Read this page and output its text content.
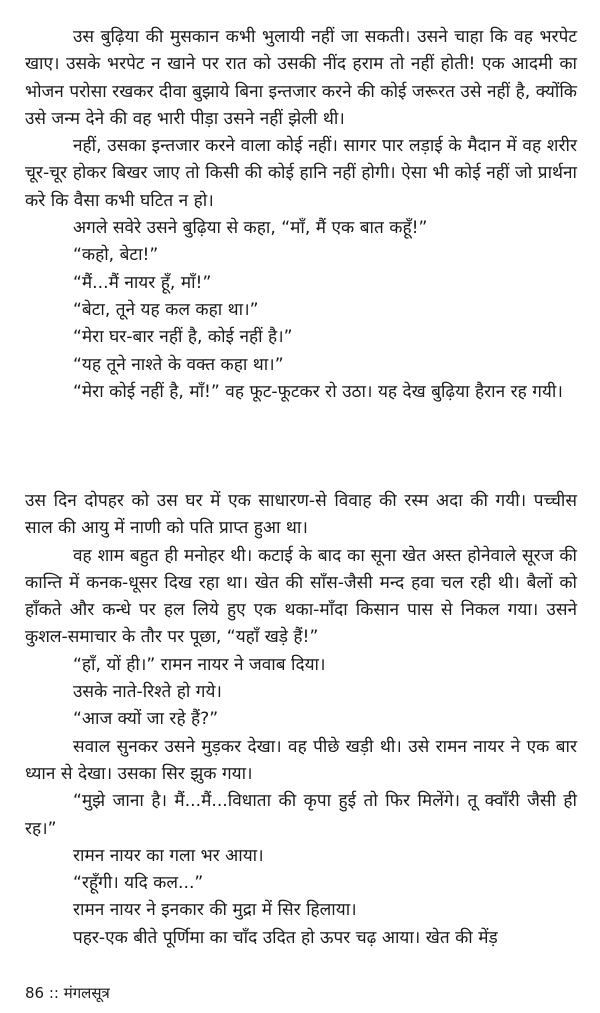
उस बुढ़िया की मुसकान कभी भुलायी नहीं जा सकती। उसने चाहा कि वह भरपेट खाए। उसके भरपेट न खाने पर रात को उसकी नींद हराम तो नहीं होती! एक आदमी का भोजन परोसा रखकर दीवा बुझाये बिना इन्तजार करने की कोई जरूरत उसे नहीं है, क्योंकि उसे जन्म देने की वह भारी पीड़ा उसने नहीं झेली थी।

नहीं, उसका इन्तजार करने वाला कोई नहीं। सागर पार लड़ाई के मैदान में वह शरीर चूर-चूर होकर बिखर जाए तो किसी की कोई हानि नहीं होगी। ऐसा भी कोई नहीं जो प्रार्थना करे कि वैसा कभी घटित न हो।

अगले सवेरे उसने बुढ़िया से कहा, “माँ, मैं एक बात कहूँ!”

“कहो, बेटा!”

“मैं...मैं नायर हूँ, माँ!”

“बेटा, तूने यह कल कहा था।”

“मेरा घर-बार नहीं है, कोई नहीं है।”

“यह तूने नाश्ते के वक्त कहा था।”

“मेरा कोई नहीं है, माँ!” वह फूट-फूटकर रो उठा। यह देख बुढ़िया हैरान रह गयी।

उस दिन दोपहर को उस घर में एक साधारण-से विवाह की रस्म अदा की गयी। पच्चीस साल की आयु में नाणी को पति प्राप्त हुआ था।

वह शाम बहुत ही मनोहर थी। कटाई के बाद का सूना खेत अस्त होनेवाले सूरज की कान्ति में कनक-धूसर दिख रहा था। खेत की साँस-जैसी मन्द हवा चल रही थी। बैलों को हाँकते और कन्धे पर हल लिये हुए एक थका-माँदा किसान पास से निकल गया। उसने कुशल-समाचार के तौर पर पूछा, “यहाँ खड़े हैं!”

“हाँ, यों ही।” रामन नायर ने जवाब दिया।

उसके नाते-रिश्ते हो गये।

“आज क्यों जा रहे हैं?”

सवाल सुनकर उसने मुड़कर देखा। वह पीछे खड़ी थी। उसे रामन नायर ने एक बार ध्यान से देखा। उसका सिर झुक गया।

“मुझे जाना है। मैं...मैं...विधाता की कृपा हुई तो फिर मिलेंगे। तू क्वाँरी जैसी ही रह।”

रामन नायर का गला भर आया।

“रहूँगी। यदि कल...”

रामन नायर ने इनकार की मुद्रा में सिर हिलाया।

पहर-एक बीते पूर्णिमा का चाँद उदित हो ऊपर चढ़ आया। खेत की मेंड़

86 :: मंगलसूत्र
